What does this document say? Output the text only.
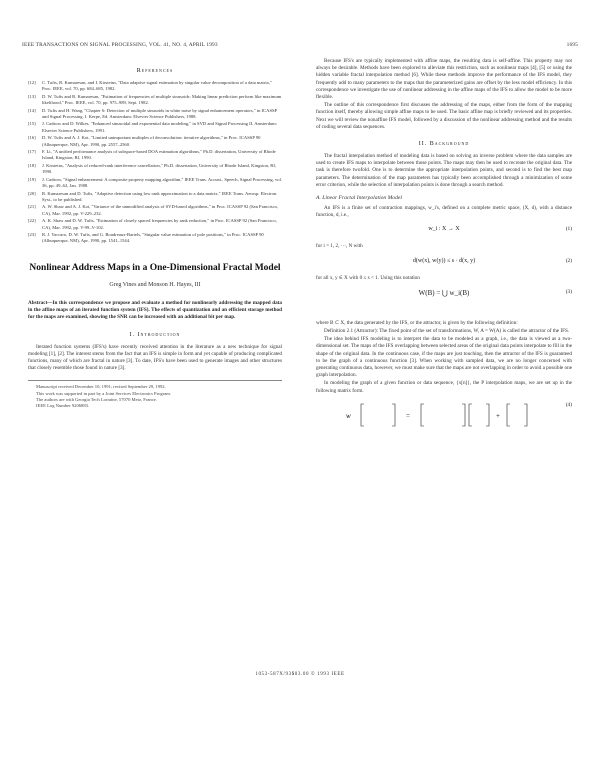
IEEE TRANSACTIONS ON SIGNAL PROCESSING, VOL. 41, NO. 4, APRIL 1993	1695
References
[12] C. Tufts, R. Kumaresan, and I. Kirsteins, "Data adaptive signal estimation by singular value decomposition of a data matrix," Proc. IEEE, vol. 70, pp. 684–685, 1982.
[13] D. W. Tufts and R. Kumaresan, "Estimation of frequencies of multiple sinusoids: Making linear prediction perform like maximum likelihood," Proc. IEEE, vol. 70, pp. 975–989, Sept. 1982.
[14] D. Tufts and H. Wang, "Chapter 6: Detection of multiple sinusoids in white noise by signal enhancement operators," in ICASSP and Signal Processing. I. Kerpe, Ed. Amsterdam: Elsevier Science Publishers, 1988.
[15] J. Cadzow and D. Wilkes, "Enhanced sinusoidal and exponential data modeling," in SVD and Signal Processing II. Amsterdam: Elsevier Science Publishers, 1991.
[16] D. W. Tufts and A. J. Kot, "Limited unimportant multiples of deconvolution: iterative algorithms," in Proc. ICASSP 90 (Albuquerque, NM), Apr. 1990, pp. 2557–2560.
[17] F. Li, "A unified performance analysis of subspace-based DOA estimation algorithms," Ph.D. dissertation, University of Rhode Island, Kingston, RI, 1990.
[18] J. Kirsteins, "Analysis of reduced-rank interference cancellation," Ph.D. dissertation, University of Rhode Island, Kingston, RI, 1990.
[19] J. Cadzow, "Signal enhancement: A composite property mapping algorithm," IEEE Trans. Acoust., Speech, Signal Processing, vol. 36, pp. 49–62, Jan. 1988.
[20] R. Kumaresan and D. Tufts, "Adaptive detection using low rank approximation to a data matrix," IEEE Trans. Aerosp. Electron. Syst., to be published.
[21] A. W. Shaw and A. J. Kot, "Variance of the unmodified analysis of SVD-based algorithms," in Proc. ICASSP 92 (San Francisco, CA), Mar. 1992, pp. V-229–232.
[22] A. K. Shaw and D. W. Tufts, "Estimation of closely spaced frequencies by rank reduction," in Proc. ICASSP 92 (San Francisco, CA), Mar. 1992, pp. V-99–V-102.
[23] R. J. Vaccaro, D. W. Tufts, and G. Boudreaux-Bartels, "Singular value estimation of pole positions," in Proc. ICASSP 90 (Albuquerque, NM), Apr. 1990, pp. 1541–1544.
Nonlinear Address Maps in a One-Dimensional Fractal Model
Greg Vines and Monson H. Hayes, III
Abstract—In this correspondence we propose and evaluate a method for nonlinearly addressing the mapped data in the affine maps of an iterated function system (IFS). The effects of quantization and an efficient storage method for the maps are examined, showing the SNR can be increased with an additional bit per map.
I. Introduction

Iterated function systems (IFS's) have recently received attention in the literature as a new technique for signal modeling [1], [2]. The interest stems from the fact that an IFS is simple in form and yet capable of producing complicated functions, many of which are fractal in nature [3]. To date, IFS's have been used to generate images and other structures that closely resemble those found in nature [3].

Manuscript received December 10, 1991; revised September 29, 1992.

This work was supported in part by a Joint Services Electronics Program.

The authors are with Georgia Tech Lorraine, 57070 Metz, France.

IEEE Log Number 9206883.

Because IFS's are typically implemented with affine maps, the resulting data is self-affine. This property may not always be desirable. Methods have been explored to alleviate this restriction, such as nonlinear maps [4], [5] or using the hidden variable fractal interpolation method [6]. While these methods improve the performance of the IFS model, they frequently add to many parameters to the maps that the parameterized gains are offset by the less model efficiency. In this correspondence we investigate the use of nonlinear addressing in the affine maps of the IFS to allow the model to be more flexible.

The outline of this correspondence first discusses the addressing of the maps, either from the form of the mapping function itself, thereby allowing simple affine maps to be used. The basic affine map is briefly reviewed and its properties. Next we will review the nonaffine IFS model, followed by a discussion of the nonlinear addressing method and the results of coding several data sequences.

II. Background

The fractal interpolation method of modeling data is based on solving an inverse problem where the data samples are used to create IFS maps to interpolate between those points. The maps may then be used to recreate the original data. The task is therefore twofold. One is to determine the appropriate interpolation points, and second is to find the best map parameters. The determination of the map parameters has typically been accomplished through a minimization of some error criterion, while the selection of interpolation points is done through a search method.

A. Linear Fractal Interpolation Model

An IFS is a finite set of contraction mappings, w_i's, defined on a complete metric space, (X, d), with a distance function, d, i.e.,

w_i : X → X	(1)

for i = 1, 2, ···, N with

d(w(x), w(y)) ≤ s · d(x, y)	(2)

for all x, y ∈ X with 0 ≤ s < 1. Using this notation

W(B) = ⋃ w_i(B)	(3)

where B ⊂ X, the data generated by the IFS, or the attractor, is given by the following definition:

Definition 2.1 (Attractor): The fixed point of the set of transformations, W, A = W(A) is called the attractor of the IFS.

The idea behind IFS modeling is to interpret the data to be modeled as a graph, i.e., the data is viewed as a two-dimensional set. The maps of the IFS overlapping between selected areas of the original data points interpolate to fill in the shape of the original data. In the continuous case, if the maps are just touching, then the attractor of the IFS is guaranteed to be the graph of a continuous function [3]. When working with sampled data, we are no longer concerned with generating continuous data, however, we must make sure that the maps are not overlapping in order to avoid a possible one graph interpolation.

In modeling the graph of a given function or data sequence, {x[n]}, the P interpolation maps, we are set up in the following matrix form.

w	=	+
(4)
1053-587X/93$03.00 © 1993 IEEE
